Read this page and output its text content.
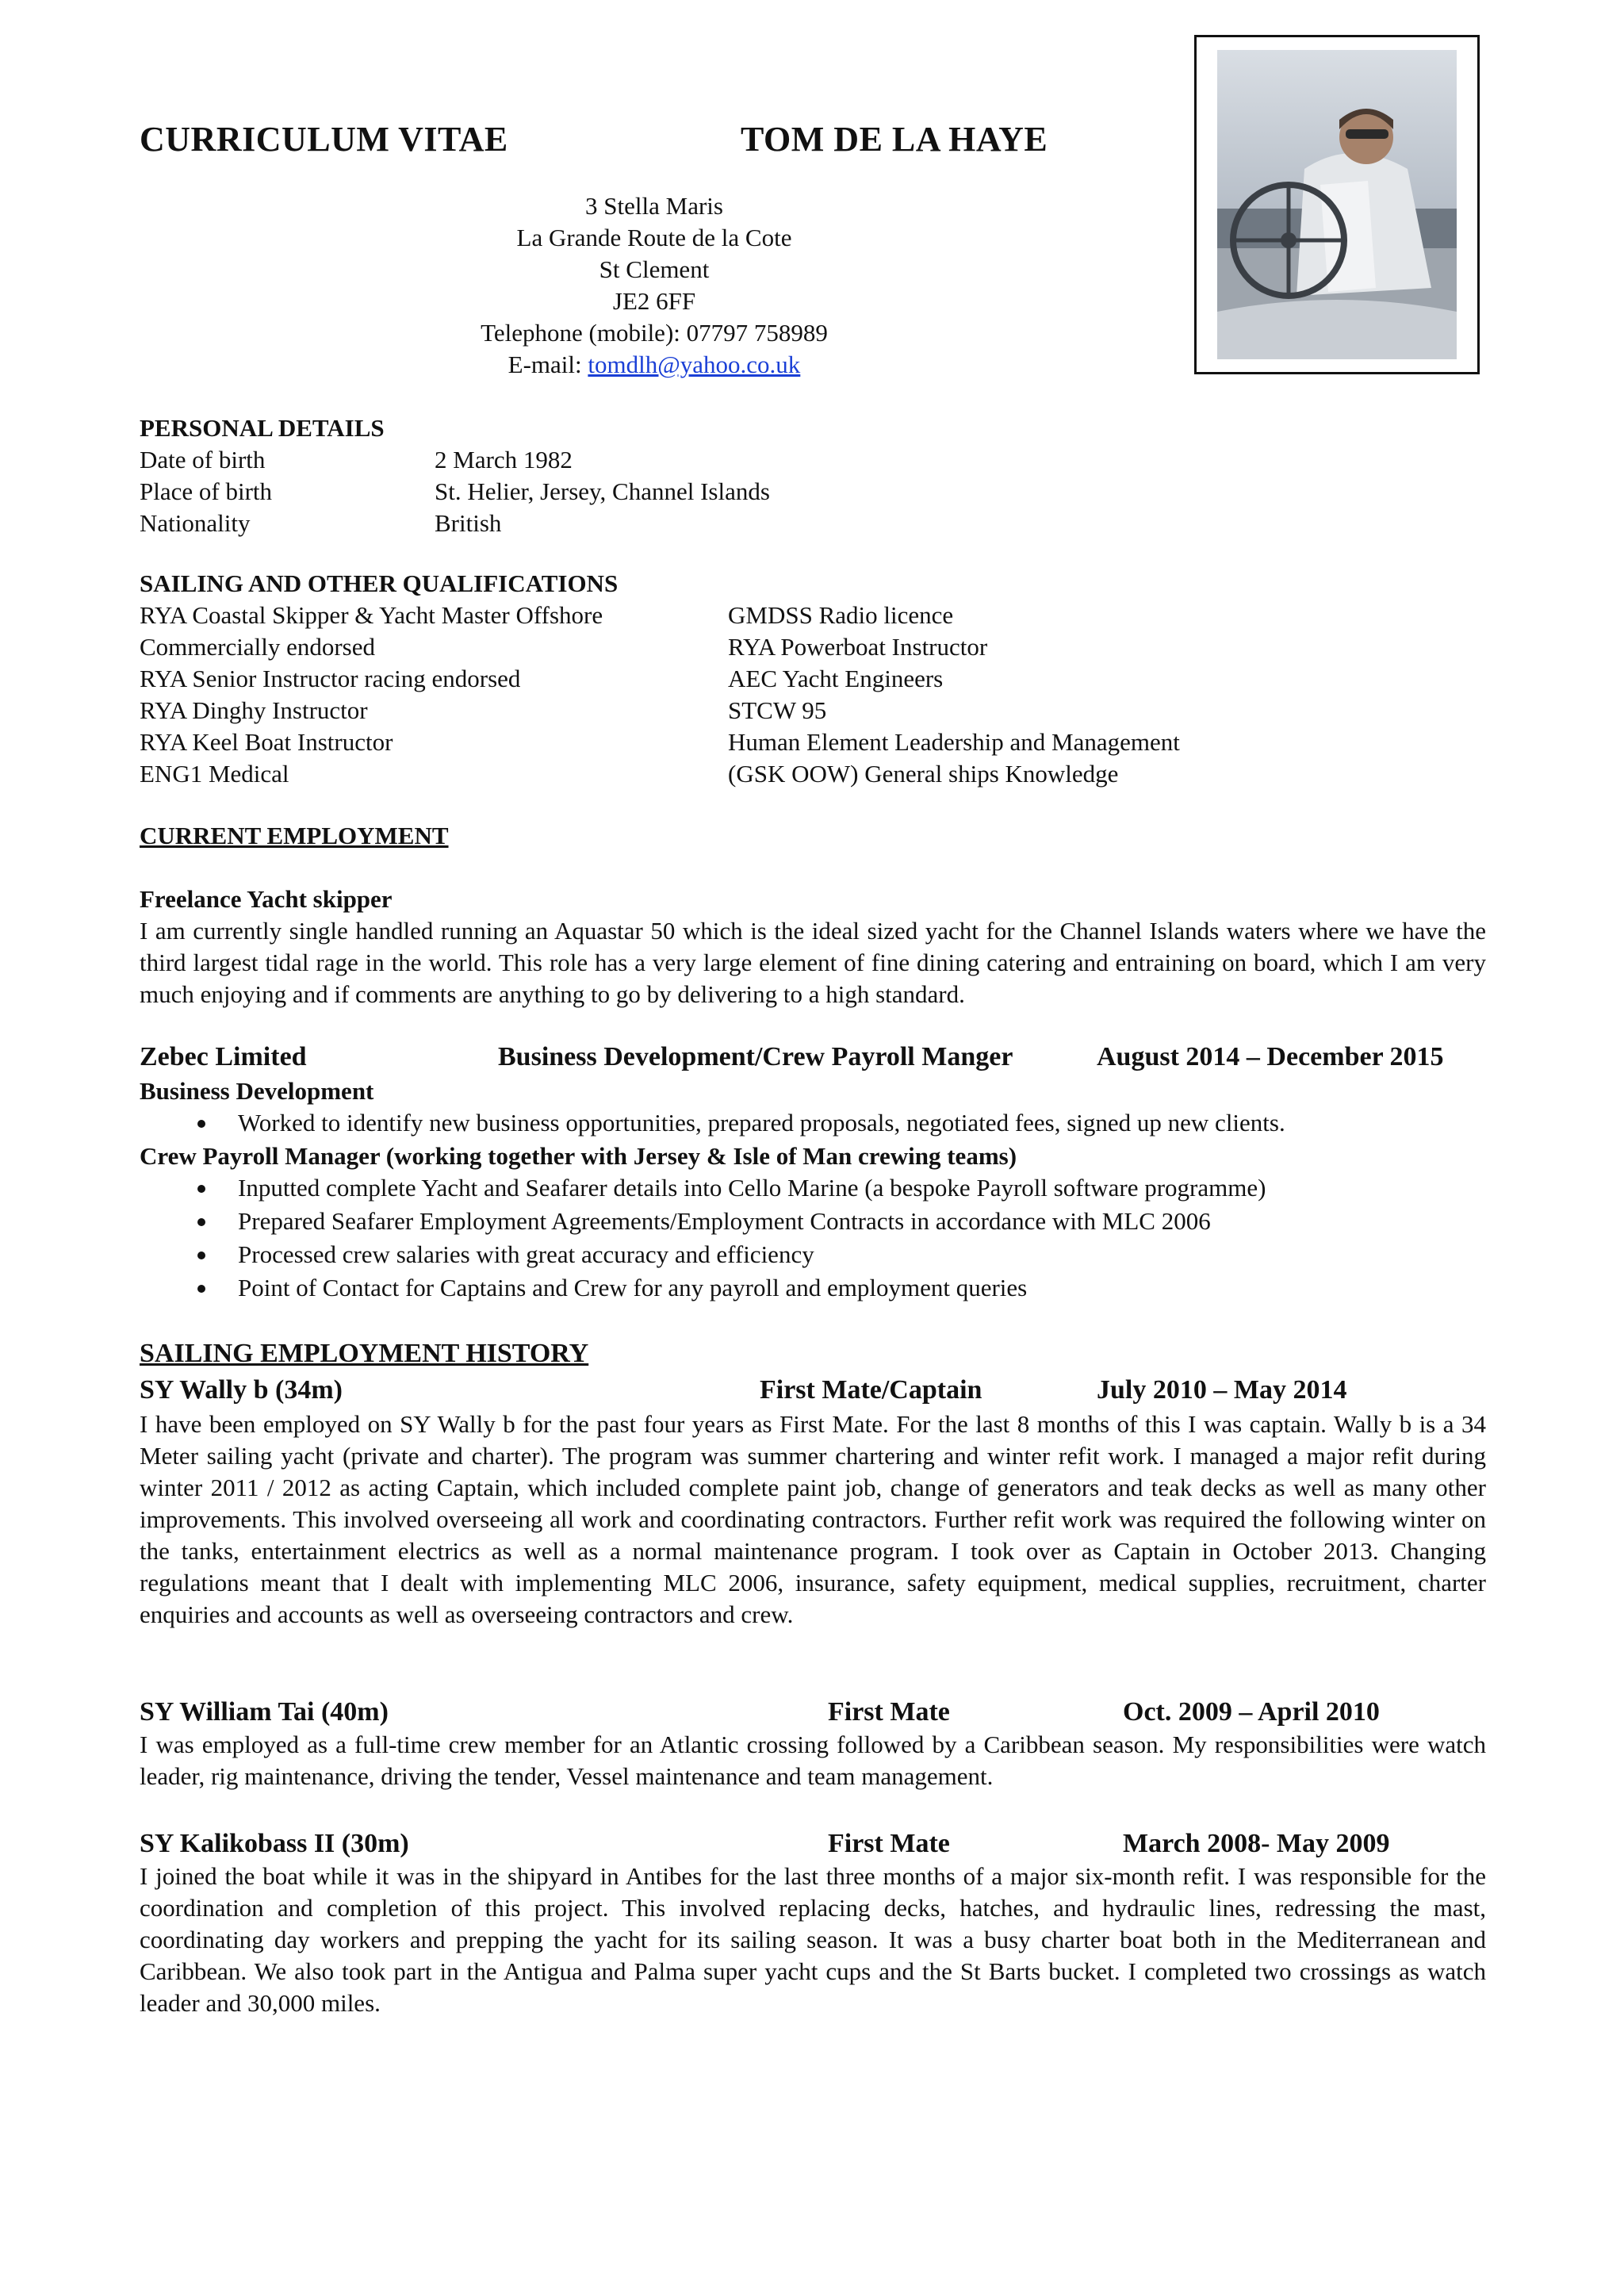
CURRICULUM VITAE	TOM DE LA HAYE
3 Stella Maris
La Grande Route de la Cote
St Clement
JE2 6FF
Telephone (mobile): 07797 758989
E-mail: tomdlh@yahoo.co.uk
PERSONAL DETAILS
Date of birth	2 March 1982
Place of birth	St. Helier, Jersey, Channel Islands
Nationality	British
SAILING AND OTHER QUALIFICATIONS
RYA Coastal Skipper & Yacht Master Offshore
Commercially endorsed
RYA Senior Instructor racing endorsed
RYA Dinghy Instructor
RYA Keel Boat Instructor
ENG1 Medical
GMDSS Radio licence
RYA Powerboat Instructor
AEC Yacht Engineers
STCW 95
Human Element Leadership and Management
(GSK OOW) General ships Knowledge
CURRENT EMPLOYMENT
Freelance Yacht skipper
I am currently single handled running an Aquastar 50 which is the ideal sized yacht for the Channel Islands waters where we have the third largest tidal rage in the world. This role has a very large element of fine dining catering and entraining on board, which I am very much enjoying and if comments are anything to go by delivering to a high standard.
Zebec Limited	Business Development/Crew Payroll Manger	August 2014 – December 2015
Business Development
Worked to identify new business opportunities, prepared proposals, negotiated fees, signed up new clients.
Crew Payroll Manager (working together with Jersey & Isle of Man crewing teams)
Inputted complete Yacht and Seafarer details into Cello Marine (a bespoke Payroll software programme)
Prepared Seafarer Employment Agreements/Employment Contracts in accordance with MLC 2006
Processed crew salaries with great accuracy and efficiency
Point of Contact for Captains and Crew for any payroll and employment queries
SAILING EMPLOYMENT HISTORY
SY Wally b (34m)	First Mate/Captain	July 2010 – May 2014
I have been employed on SY Wally b for the past four years as First Mate. For the last 8 months of this I was captain. Wally b is a 34 Meter sailing yacht (private and charter). The program was summer chartering and winter refit work. I managed a major refit during winter 2011 / 2012 as acting Captain, which included complete paint job, change of generators and teak decks as well as many other improvements. This involved overseeing all work and coordinating contractors. Further refit work was required the following winter on the tanks, entertainment electrics as well as a normal maintenance program. I took over as Captain in October 2013. Changing regulations meant that I dealt with implementing MLC 2006, insurance, safety equipment, medical supplies, recruitment, charter enquiries and accounts as well as overseeing contractors and crew.
SY William Tai (40m)	First Mate	Oct. 2009 – April 2010
I was employed as a full-time crew member for an Atlantic crossing followed by a Caribbean season. My responsibilities were watch leader, rig maintenance, driving the tender, Vessel maintenance and team management.
SY Kalikobass II (30m)	First Mate	March 2008- May 2009
I joined the boat while it was in the shipyard in Antibes for the last three months of a major six-month refit. I was responsible for the coordination and completion of this project. This involved replacing decks, hatches, and hydraulic lines, redressing the mast, coordinating day workers and prepping the yacht for its sailing season. It was a busy charter boat both in the Mediterranean and Caribbean. We also took part in the Antigua and Palma super yacht cups and the St Barts bucket. I completed two crossings as watch leader and 30,000 miles.
